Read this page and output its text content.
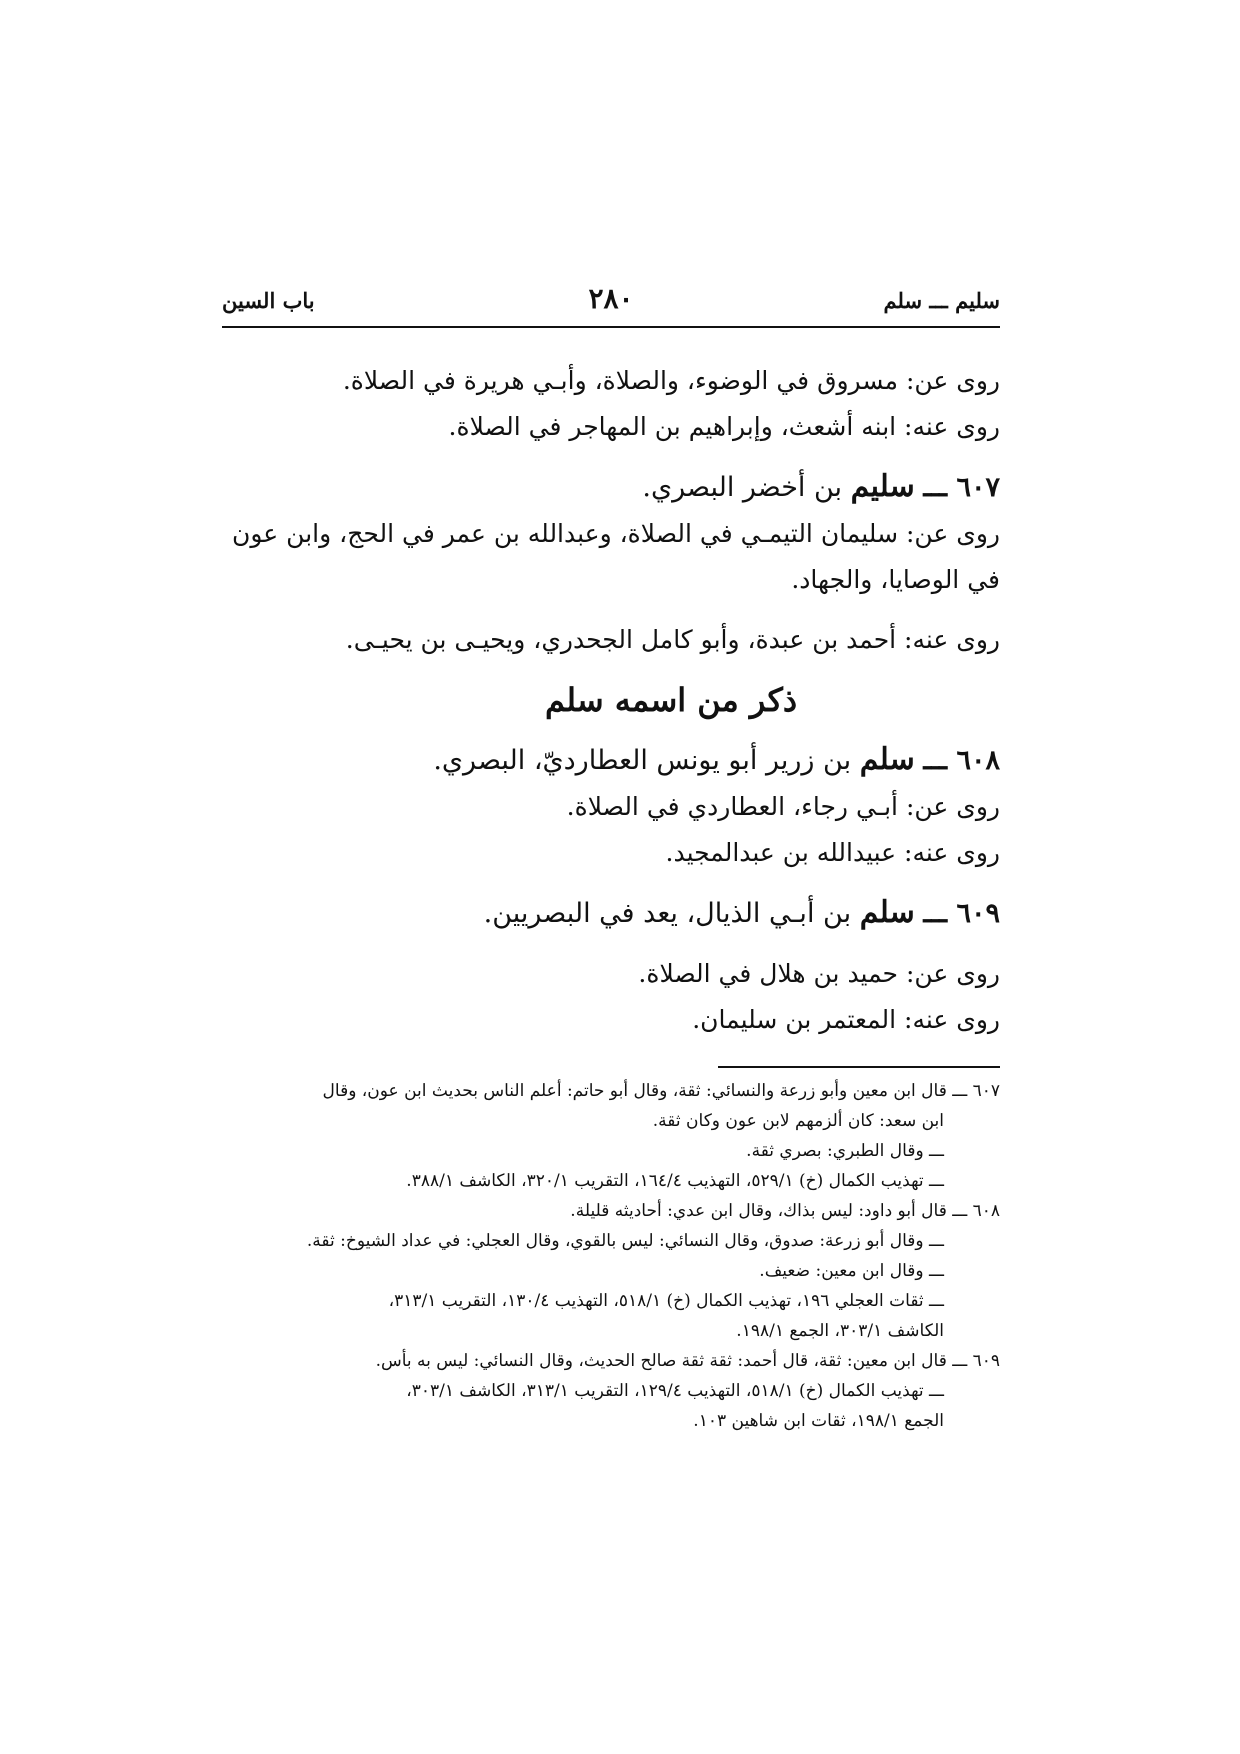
سليم ـــ سلم
٢٨٠
باب السين
روى عن: مسروق في الوضوء، والصلاة، وأبـي هريرة في الصلاة.
روى عنه: ابنه أشعث، وإبراهيم بن المهاجر في الصلاة.
٦٠٧ ـــ سليم بن أخضر البصري.
روى عن: سليمان التيمـي في الصلاة، وعبدالله بن عمر في الحج، وابن عون
في الوصايا، والجهاد.
روى عنه: أحمد بن عبدة، وأبو كامل الجحدري، ويحيـى بن يحيـى.
ذكر من اسمه سلم
٦٠٨ ـــ سلم بن زرير أبو يونس العطارديّ، البصري.
روى عن: أبـي رجاء، العطاردي في الصلاة.
روى عنه: عبيدالله بن عبدالمجيد.
٦٠٩ ـــ سلم بن أبـي الذيال، يعد في البصريين.
روى عن: حميد بن هلال في الصلاة.
روى عنه: المعتمر بن سليمان.
٦٠٧ ـــ قال ابن معين وأبو زرعة والنسائي: ثقة، وقال أبو حاتم: أعلم الناس بحديث ابن عون، وقال
ابن سعد: كان ألزمهم لابن عون وكان ثقة.
ـــ وقال الطبري: بصري ثقة.
ـــ تهذيب الكمال (خ) ٥٢٩/١، التهذيب ١٦٤/٤، التقريب ٣٢٠/١، الكاشف ٣٨٨/١.
٦٠٨ ـــ قال أبو داود: ليس بذاك، وقال ابن عدي: أحاديثه قليلة.
ـــ وقال أبو زرعة: صدوق، وقال النسائي: ليس بالقوي، وقال العجلي: في عداد الشيوخ: ثقة.
ـــ وقال ابن معين: ضعيف.
ـــ ثقات العجلي ١٩٦، تهذيب الكمال (خ) ٥١٨/١، التهذيب ١٣٠/٤، التقريب ٣١٣/١،
الكاشف ٣٠٣/١، الجمع ١٩٨/١.
٦٠٩ ـــ قال ابن معين: ثقة، قال أحمد: ثقة ثقة صالح الحديث، وقال النسائي: ليس به بأس.
ـــ تهذيب الكمال (خ) ٥١٨/١، التهذيب ١٢٩/٤، التقريب ٣١٣/١، الكاشف ٣٠٣/١،
الجمع ١٩٨/١، ثقات ابن شاهين ١٠٣.
